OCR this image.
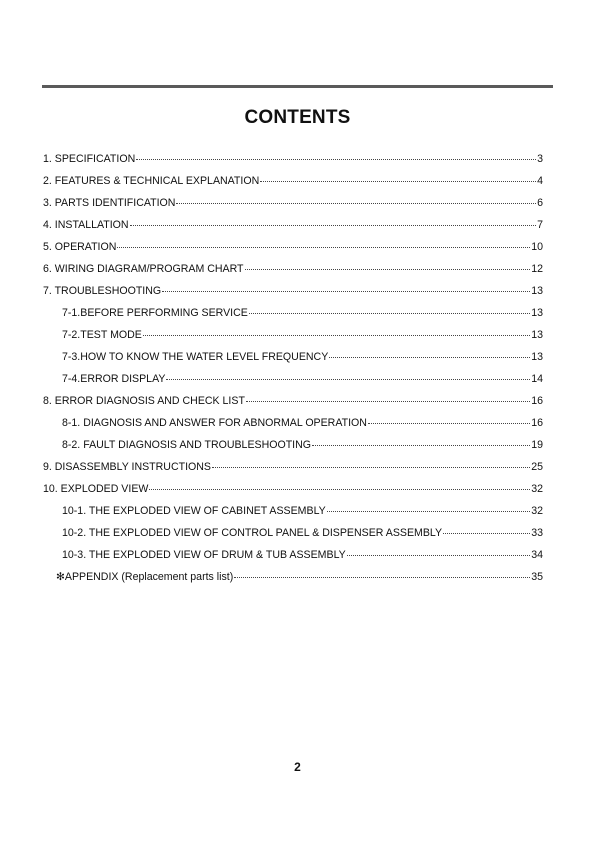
CONTENTS
1. SPECIFICATION	3
2. FEATURES & TECHNICAL EXPLANATION	4
3. PARTS IDENTIFICATION	6
4. INSTALLATION	7
5. OPERATION	10
6. WIRING DIAGRAM/PROGRAM CHART	12
7. TROUBLESHOOTING	13
7-1.BEFORE PERFORMING SERVICE	13
7-2.TEST MODE	13
7-3.HOW TO KNOW THE WATER LEVEL FREQUENCY	13
7-4.ERROR DISPLAY	14
8. ERROR DIAGNOSIS AND CHECK LIST	16
8-1. DIAGNOSIS AND ANSWER FOR ABNORMAL OPERATION	16
8-2. FAULT DIAGNOSIS AND TROUBLESHOOTING	19
9. DISASSEMBLY INSTRUCTIONS	25
10. EXPLODED VIEW	32
10-1. THE EXPLODED VIEW OF CABINET ASSEMBLY	32
10-2. THE EXPLODED VIEW OF CONTROL PANEL & DISPENSER ASSEMBLY	33
10-3. THE EXPLODED VIEW OF DRUM & TUB ASSEMBLY	34
✻APPENDIX (Replacement parts list)	35
2
